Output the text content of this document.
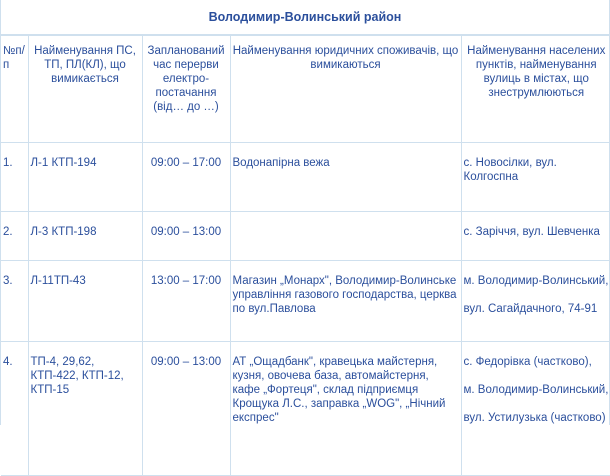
Володимир-Волинський район
№п/п	Найменування ПС, ТП, ПЛ(КЛ), що вимикається	Запланований час перерви електро-постачання (від… до …)	Найменування юридичних споживачів, що вимикаються	Найменування населених пунктів, найменування вулиць в містах, що знеструмлюються
1.	Л-1 КТП-194	09:00 – 17:00	Водонапірна вежа	с. Новосілки, вул. Колгоспна
2.	Л-3 КТП-198	09:00 – 13:00		с. Заріччя, вул. Шевченка
3.	Л-11ТП-43	13:00 – 17:00	Магазин „Монарх", Володимир-Волинське управління газового господарства, церква по вул.Павлова	м. Володимир-Волинський,
вул. Сагайдачного, 74-91
4.	ТП-4, 29,62, КТП-422, КТП-12, КТП-15	09:00 – 13:00	АТ „Ощадбанк", кравецька майстерня, кузня, овочева база, автомайстерня, кафе „Фортеця", склад підприємця Крощука Л.С., заправка „WOG", „Нічний експрес"	с. Федорівка (частково),
м. Володимир-Волинський,
вул. Устилузька (частково)
